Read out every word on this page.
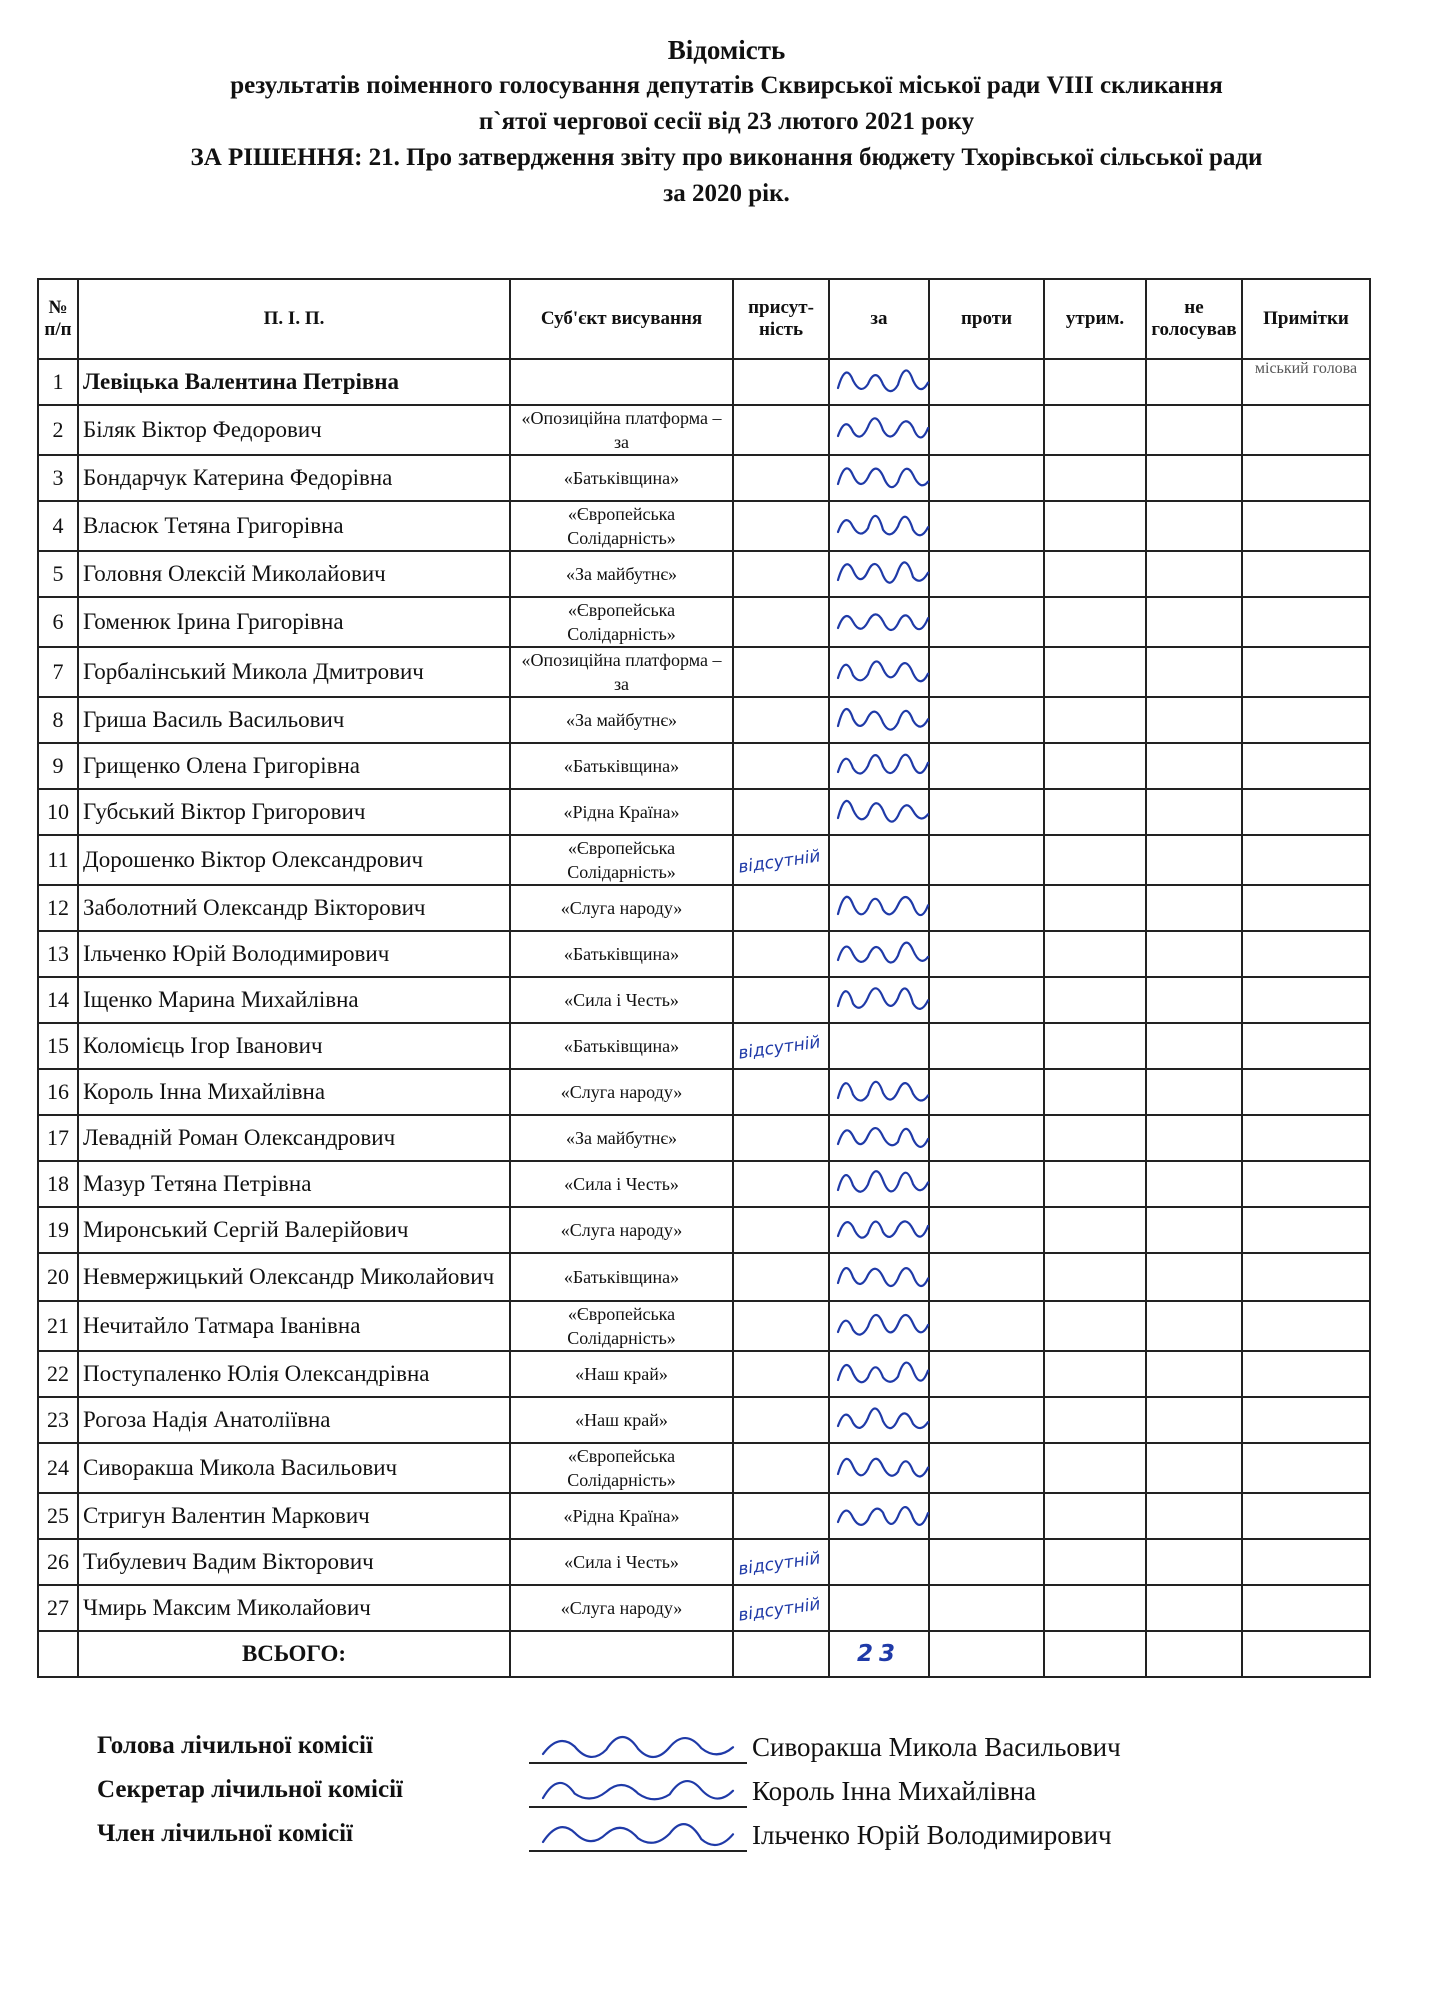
Відомість
результатів поіменного голосування депутатів Сквирської міської ради VIII скликання
п`ятої чергової сесії від 23 лютого 2021 року
ЗА РІШЕННЯ: 21. Про затвердження звіту про виконання бюджету Тхорівської сільської ради
за 2020 рік.
№ п/п	П. І. П.	Суб'єкт висування	присут-ність	за	проти	утрим.	не голосував	Примітки
1	Левіцька Валентина Петрівна							міський голова
2	Біляк Віктор Федорович	«Опозиційна платформа – за						
3	Бондарчук Катерина Федорівна	«Батьківщина»						
4	Власюк Тетяна Григорівна	«Європейська Солідарність»						
5	Головня Олексій Миколайович	«За майбутнє»						
6	Гоменюк Ірина Григорівна	«Європейська Солідарність»						
7	Горбалінський Микола Дмитрович	«Опозиційна платформа – за						
8	Гриша Василь Васильович	«За майбутнє»						
9	Грищенко Олена Григорівна	«Батьківщина»						
10	Губський Віктор Григорович	«Рідна Країна»						
11	Дорошенко Віктор Олександрович	«Європейська Солідарність»	відсутній					
12	Заболотний Олександр Вікторович	«Слуга народу»						
13	Ільченко Юрій Володимирович	«Батьківщина»						
14	Іщенко Марина Михайлівна	«Сила і Честь»						
15	Коломієць Ігор Іванович	«Батьківщина»	відсутній					
16	Король Інна Михайлівна	«Слуга народу»						
17	Левадній Роман Олександрович	«За майбутнє»						
18	Мазур Тетяна Петрівна	«Сила і Честь»						
19	Миронський Сергій Валерійович	«Слуга народу»						
20	Невмержицький Олександр Миколайович	«Батьківщина»						
21	Нечитайло Татмара Іванівна	«Європейська Солідарність»						
22	Поступаленко Юлія Олександрівна	«Наш край»						
23	Рогоза Надія Анатоліївна	«Наш край»						
24	Сиворакша Микола Васильович	«Європейська Солідарність»						
25	Стригун Валентин Маркович	«Рідна Країна»						
26	Тибулевич Вадим Вікторович	«Сила і Честь»	відсутній					
27	Чмирь Максим Миколайович	«Слуга народу»	відсутній					
	ВСЬОГО:			23				
Голова лічильної комісії	Сиворакша Микола Васильович
Секретар лічильної комісії	Король Інна Михайлівна
Член лічильної комісії	Ільченко Юрій Володимирович
